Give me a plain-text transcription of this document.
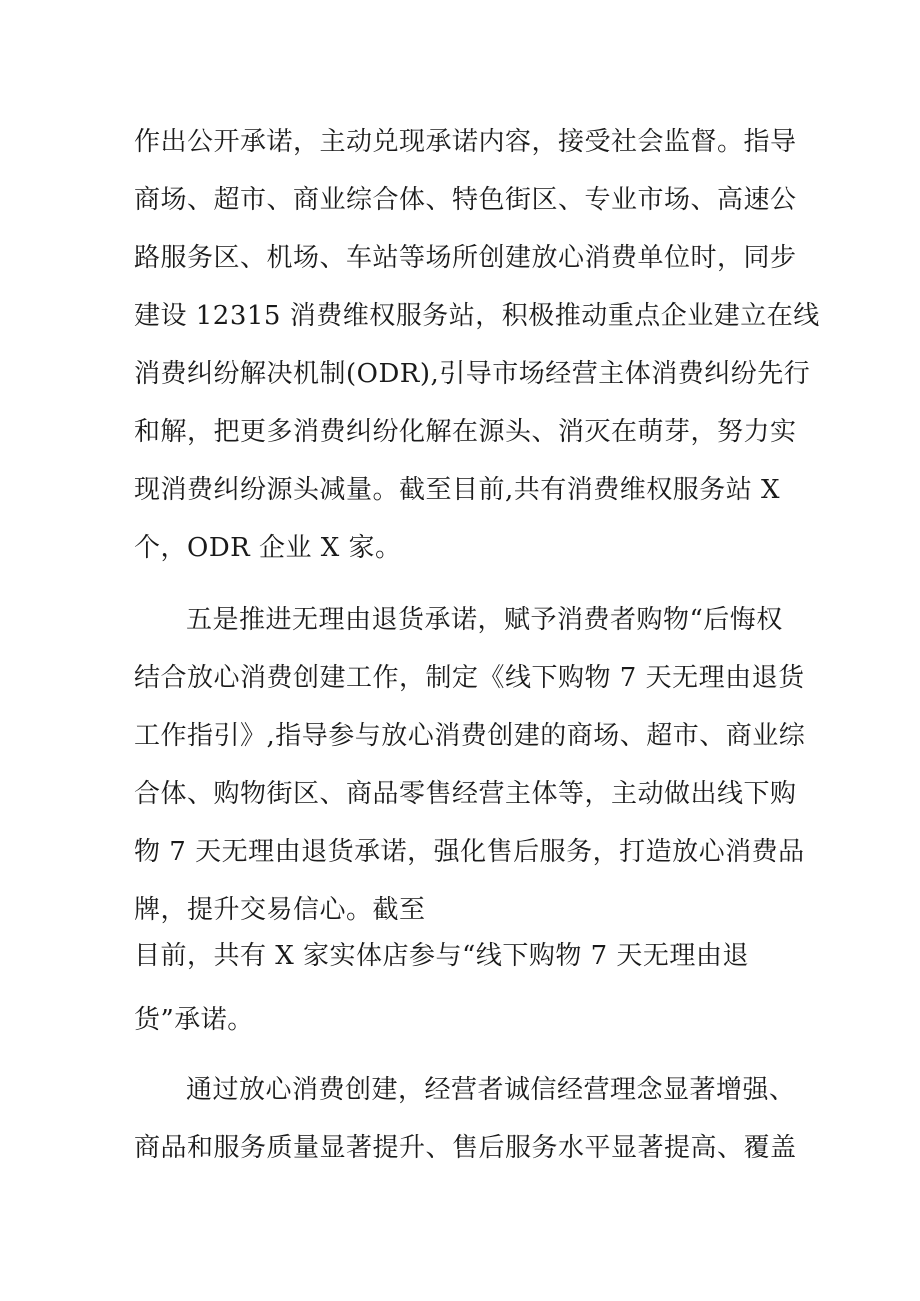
作出公开承诺，主动兑现承诺内容，接受社会监督。指导

商场、超市、商业综合体、特色街区、专业市场、高速公

路服务区、机场、车站等场所创建放心消费单位时，同步

建设 12315 消费维权服务站，积极推动重点企业建立在线

消费纠纷解决机制(ODR),引导市场经营主体消费纠纷先行

和解，把更多消费纠纷化解在源头、消灭在萌芽，努力实

现消费纠纷源头减量。截至目前,共有消费维权服务站 X

个，ODR 企业 X 家。

五是推进无理由退货承诺，赋予消费者购物“后悔权

结合放心消费创建工作，制定《线下购物 7 天无理由退货

工作指引》,指导参与放心消费创建的商场、超市、商业综

合体、购物街区、商品零售经营主体等，主动做出线下购

物 7 天无理由退货承诺，强化售后服务，打造放心消费品

牌，提升交易信心。截至

目前，共有 X 家实体店参与“线下购物 7 天无理由退

货”承诺。

通过放心消费创建，经营者诚信经营理念显著增强、

商品和服务质量显著提升、售后服务水平显著提高、覆盖
